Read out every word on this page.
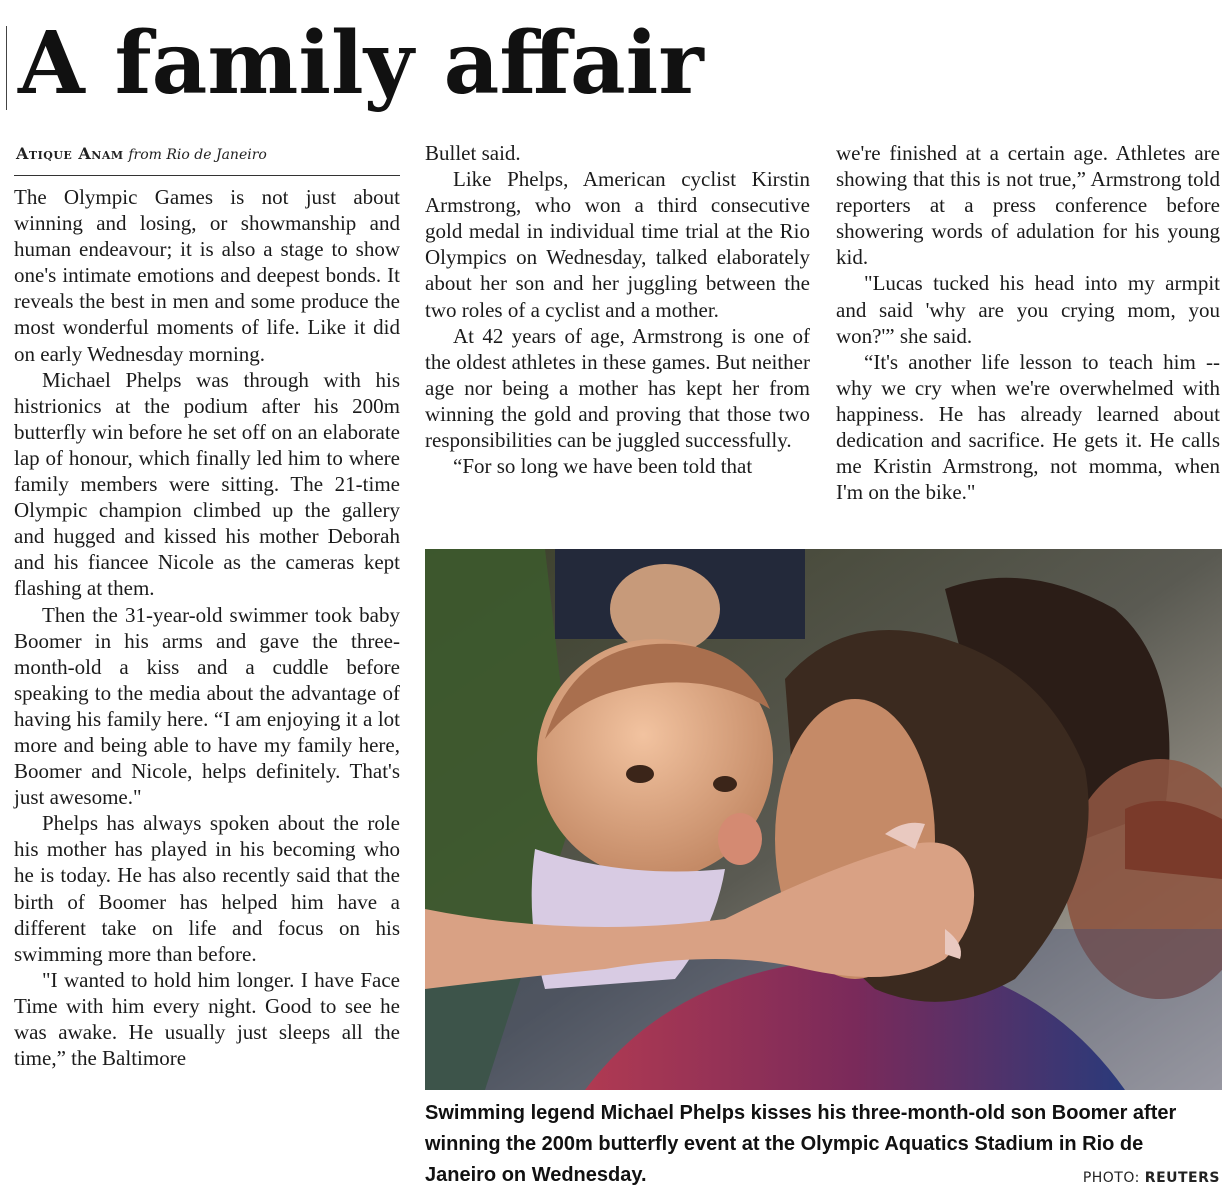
A family affair
Atique Anam from Rio de Janeiro

The Olympic Games is not just about winning and losing, or showmanship and human endeavour; it is also a stage to show one's intimate emotions and deepest bonds. It reveals the best in men and some produce the most wonderful moments of life. Like it did on early Wednesday morning.

Michael Phelps was through with his histrionics at the podium after his 200m butterfly win before he set off on an elaborate lap of honour, which finally led him to where family members were sitting. The 21-time Olympic champion climbed up the gallery and hugged and kissed his mother Deborah and his fiancee Nicole as the cameras kept flashing at them.

Then the 31-year-old swimmer took baby Boomer in his arms and gave the three-month-old a kiss and a cuddle before speaking to the media about the advantage of having his family here. “I am enjoying it a lot more and being able to have my family here, Boomer and Nicole, helps definitely. That's just awesome."

Phelps has always spoken about the role his mother has played in his becoming who he is today. He has also recently said that the birth of Boomer has helped him have a different take on life and focus on his swimming more than before.

"I wanted to hold him longer. I have Face Time with him every night. Good to see he was awake. He usually just sleeps all the time,” the Baltimore

Bullet said.

Like Phelps, American cyclist Kirstin Armstrong, who won a third consecutive gold medal in individual time trial at the Rio Olympics on Wednesday, talked elaborately about her son and her juggling between the two roles of a cyclist and a mother.

At 42 years of age, Armstrong is one of the oldest athletes in these games. But neither age nor being a mother has kept her from winning the gold and proving that those two responsibilities can be juggled successfully.

“For so long we have been told that

we're finished at a certain age. Athletes are showing that this is not true,” Armstrong told reporters at a press conference before showering words of adulation for his young kid.

"Lucas tucked his head into my armpit and said 'why are you crying mom, you won?'” she said.

“It's another life lesson to teach him -- why we cry when we're overwhelmed with happiness. He has already learned about dedication and sacrifice. He gets it. He calls me Kristin Armstrong, not momma, when I'm on the bike."

Swimming legend Michael Phelps kisses his three-month-old son Boomer after winning the 200m butterfly event at the Olympic Aquatics Stadium in Rio de Janeiro on Wednesday.	PHOTO: REUTERS
